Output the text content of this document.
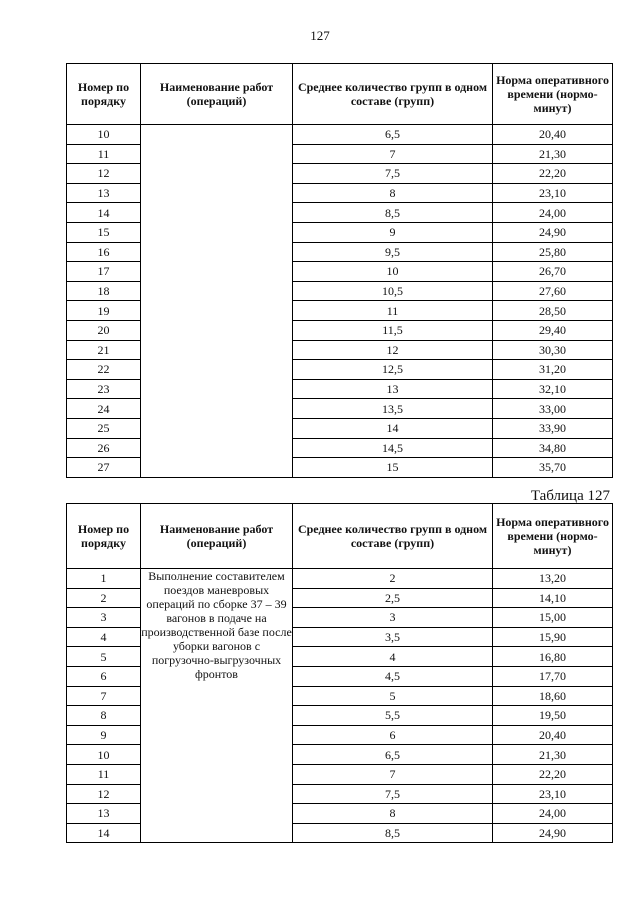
127
Номер по порядку	Наименование работ (операций)	Среднее количество групп в одном составе (групп)	Норма оперативного времени (нормо-минут)
10		6,5	20,40
11		7	21,30
12		7,5	22,20
13		8	23,10
14		8,5	24,00
15		9	24,90
16		9,5	25,80
17		10	26,70
18		10,5	27,60
19		11	28,50
20		11,5	29,40
21		12	30,30
22		12,5	31,20
23		13	32,10
24		13,5	33,00
25		14	33,90
26		14,5	34,80
27		15	35,70
Таблица 127
Номер по порядку	Наименование работ (операций)	Среднее количество групп в одном составе (групп)	Норма оперативного времени (нормо-минут)
1	Выполнение составителем поездов маневровых операций по сборке 37 – 39 вагонов в подаче на производственной базе после уборки вагонов с погрузочно-выгрузочных фронтов	2	13,20
2		2,5	14,10
3		3	15,00
4		3,5	15,90
5		4	16,80
6		4,5	17,70
7		5	18,60
8		5,5	19,50
9		6	20,40
10		6,5	21,30
11		7	22,20
12		7,5	23,10
13		8	24,00
14		8,5	24,90
